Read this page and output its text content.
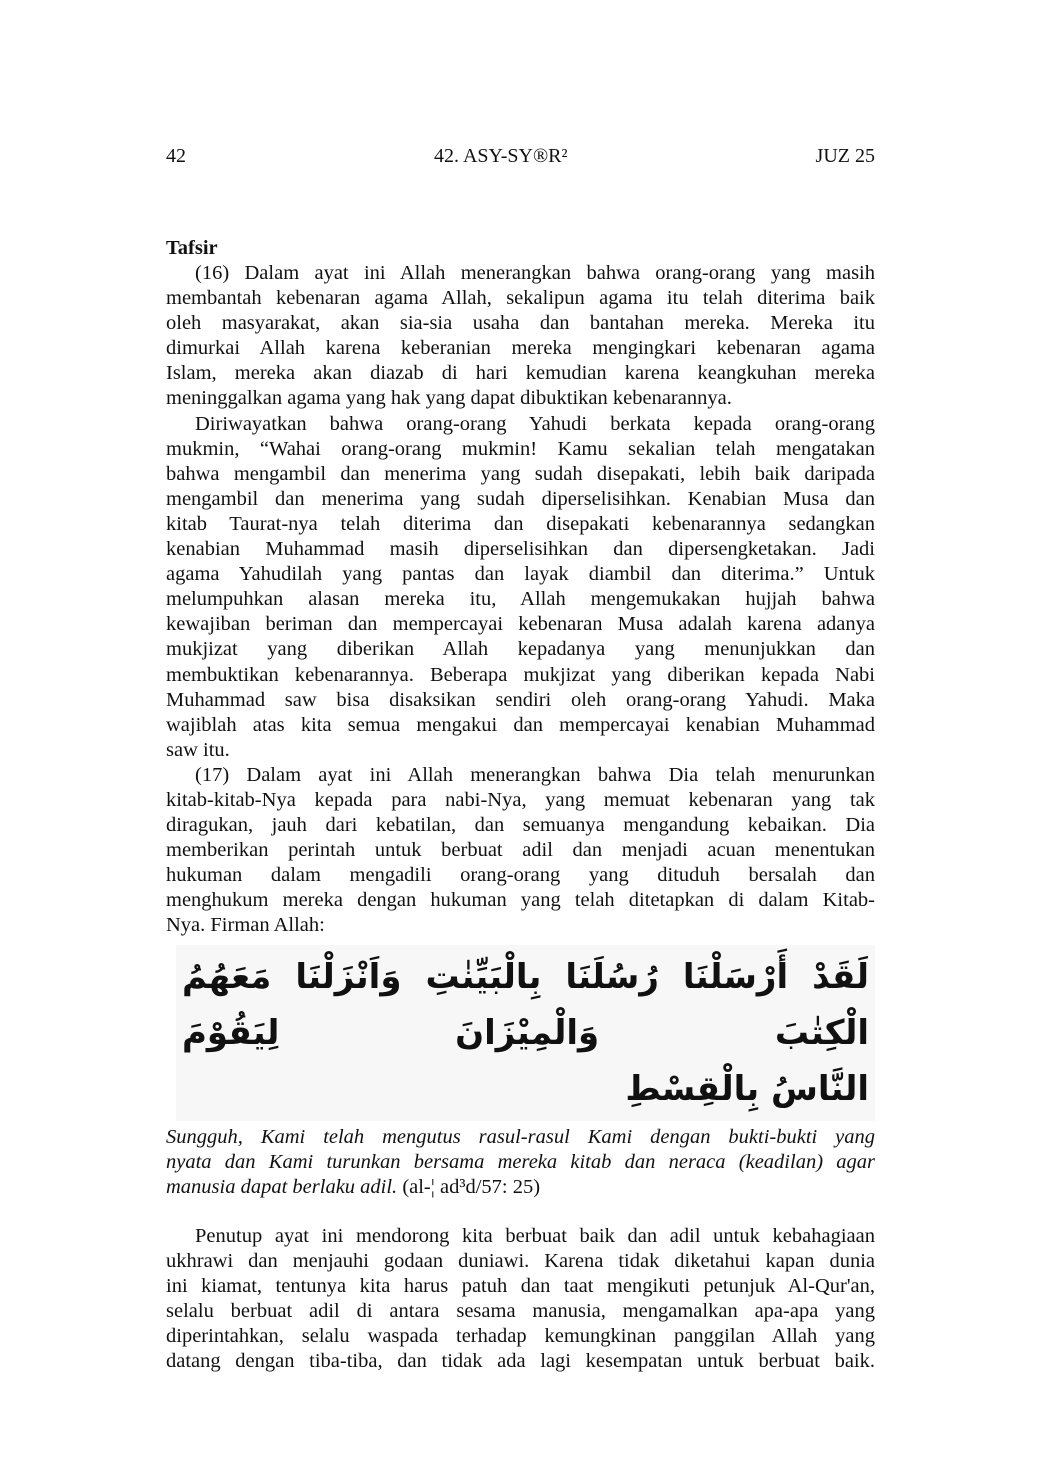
42	42. ASY-SY®R²	JUZ 25
Tafsir
(16) Dalam ayat ini Allah menerangkan bahwa orang-orang yang masih
membantah kebenaran agama Allah, sekalipun agama itu telah diterima baik
oleh masyarakat, akan sia-sia usaha dan bantahan mereka. Mereka itu
dimurkai Allah karena keberanian mereka mengingkari kebenaran agama
Islam, mereka akan diazab di hari kemudian karena keangkuhan mereka
meninggalkan agama yang hak yang dapat dibuktikan kebenarannya.
Diriwayatkan bahwa orang-orang Yahudi berkata kepada orang-orang
mukmin, “Wahai orang-orang mukmin! Kamu sekalian telah mengatakan
bahwa mengambil dan menerima yang sudah disepakati, lebih baik daripada
mengambil dan menerima yang sudah diperselisihkan. Kenabian Musa dan
kitab Taurat-nya telah diterima dan disepakati kebenarannya sedangkan
kenabian Muhammad masih diperselisihkan dan dipersengketakan. Jadi
agama Yahudilah yang pantas dan layak diambil dan diterima.” Untuk
melumpuhkan alasan mereka itu, Allah mengemukakan hujjah bahwa
kewajiban beriman dan mempercayai kebenaran Musa adalah karena adanya
mukjizat yang diberikan Allah kepadanya yang menunjukkan dan
membuktikan kebenarannya. Beberapa mukjizat yang diberikan kepada Nabi
Muhammad saw bisa disaksikan sendiri oleh orang-orang Yahudi. Maka
wajiblah atas kita semua mengakui dan mempercayai kenabian Muhammad
saw itu.
(17) Dalam ayat ini Allah menerangkan bahwa Dia telah menurunkan
kitab-kitab-Nya kepada para nabi-Nya, yang memuat kebenaran yang tak
diragukan, jauh dari kebatilan, dan semuanya mengandung kebaikan. Dia
memberikan perintah untuk berbuat adil dan menjadi acuan menentukan
hukuman dalam mengadili orang-orang yang dituduh bersalah dan
menghukum mereka dengan hukuman yang telah ditetapkan di dalam Kitab-
Nya. Firman Allah:
لَقَدْ أَرْسَلْنَا رُسُلَنَا بِالْبَيِّنٰتِ وَاَنْزَلْنَا مَعَهُمُ الْكِتٰبَ وَالْمِيْزَانَ لِيَقُوْمَ
النَّاسُ بِالْقِسْطِ
Sungguh, Kami telah mengutus rasul-rasul Kami dengan bukti-bukti yang
nyata dan Kami turunkan bersama mereka kitab dan neraca (keadilan) agar
manusia dapat berlaku adil. (al-¦ ad³d/57: 25)
Penutup ayat ini mendorong kita berbuat baik dan adil untuk kebahagiaan
ukhrawi dan menjauhi godaan duniawi. Karena tidak diketahui kapan dunia
ini kiamat, tentunya kita harus patuh dan taat mengikuti petunjuk Al-Qur'an,
selalu berbuat adil di antara sesama manusia, mengamalkan apa-apa yang
diperintahkan, selalu waspada terhadap kemungkinan panggilan Allah yang
datang dengan tiba-tiba, dan tidak ada lagi kesempatan untuk berbuat baik.
